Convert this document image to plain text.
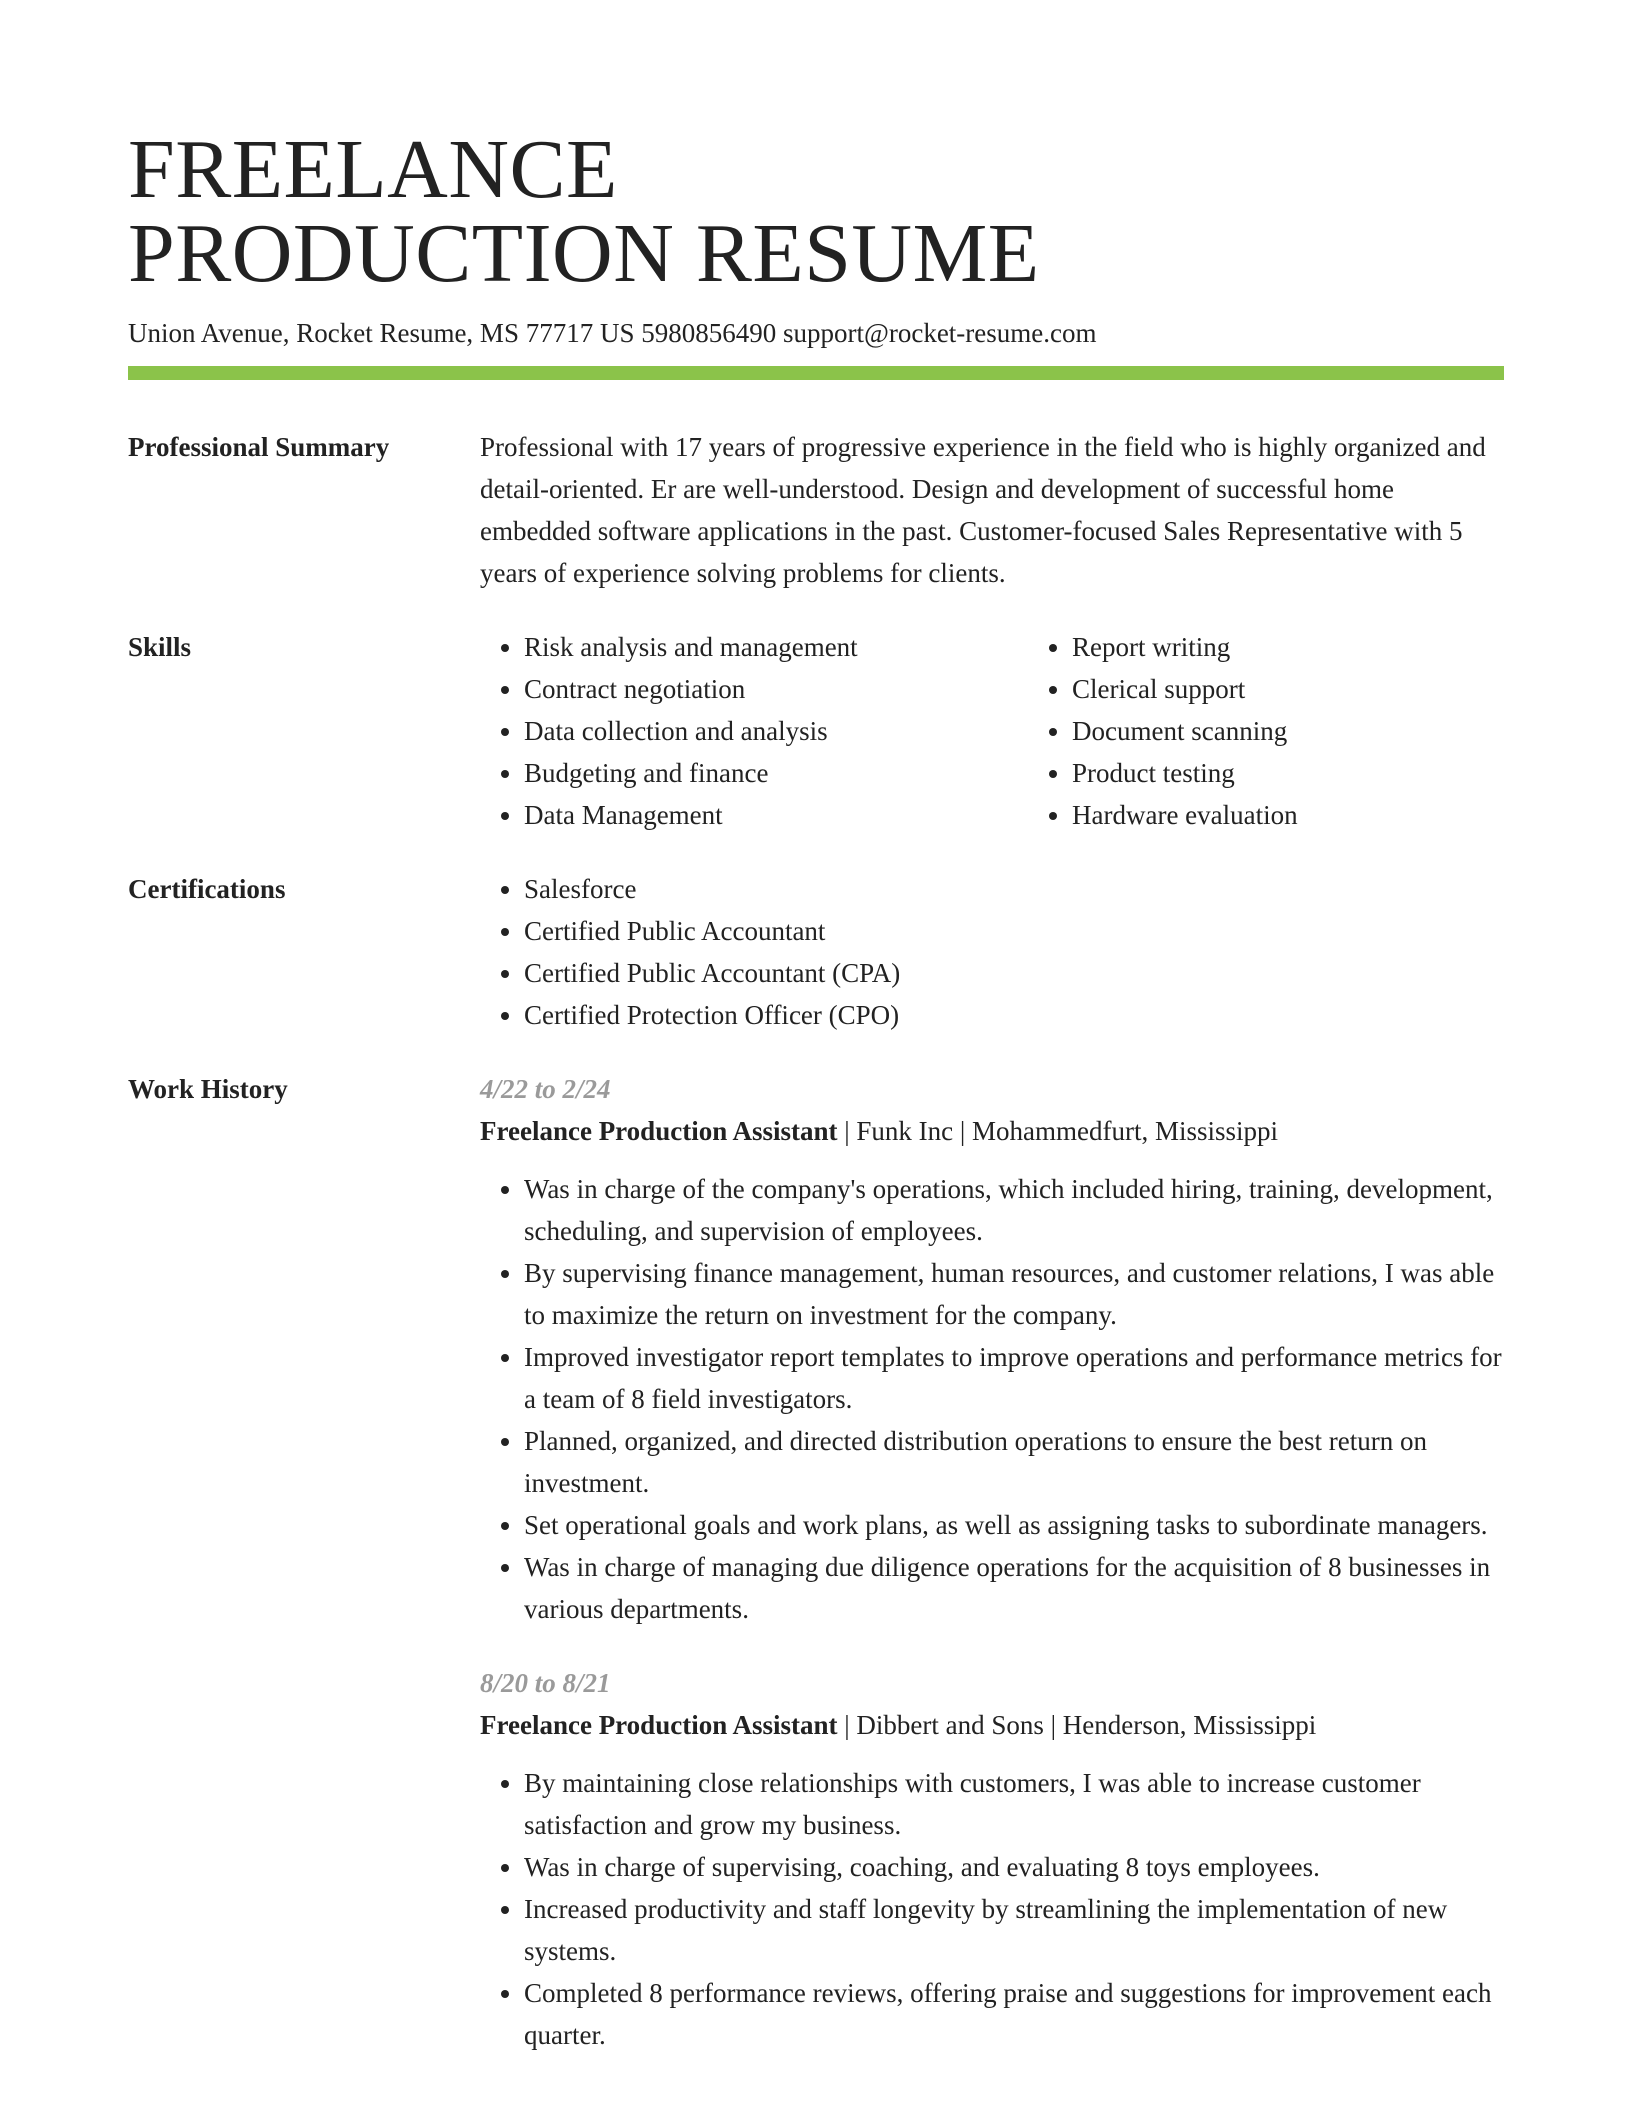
FREELANCE
PRODUCTION RESUME
Union Avenue, Rocket Resume, MS 77717 US 5980856490 support@rocket-resume.com
Professional Summary	Professional with 17 years of progressive experience in the field who is highly organized and detail-oriented. Er are well-understood. Design and development of successful home embedded software applications in the past. Customer-focused Sales Representative with 5 years of experience solving problems for clients.

Skills	• Risk analysis and management
• Contract negotiation
• Data collection and analysis
• Budgeting and finance
• Data Management
• Report writing
• Clerical support
• Document scanning
• Product testing
• Hardware evaluation
Certifications	• Salesforce
• Certified Public Accountant
• Certified Public Accountant (CPA)
• Certified Protection Officer (CPO)
Work History	4/22 to 2/24
Freelance Production Assistant | Funk Inc | Mohammedfurt, Mississippi
• Was in charge of the company's operations, which included hiring, training, development, scheduling, and supervision of employees.
• By supervising finance management, human resources, and customer relations, I was able to maximize the return on investment for the company.
• Improved investigator report templates to improve operations and performance metrics for a team of 8 field investigators.
• Planned, organized, and directed distribution operations to ensure the best return on investment.
• Set operational goals and work plans, as well as assigning tasks to subordinate managers.
• Was in charge of managing due diligence operations for the acquisition of 8 businesses in various departments.
8/20 to 8/21
Freelance Production Assistant | Dibbert and Sons | Henderson, Mississippi
• By maintaining close relationships with customers, I was able to increase customer satisfaction and grow my business.
• Was in charge of supervising, coaching, and evaluating 8 toys employees.
• Increased productivity and staff longevity by streamlining the implementation of new systems.
• Completed 8 performance reviews, offering praise and suggestions for improvement each quarter.
